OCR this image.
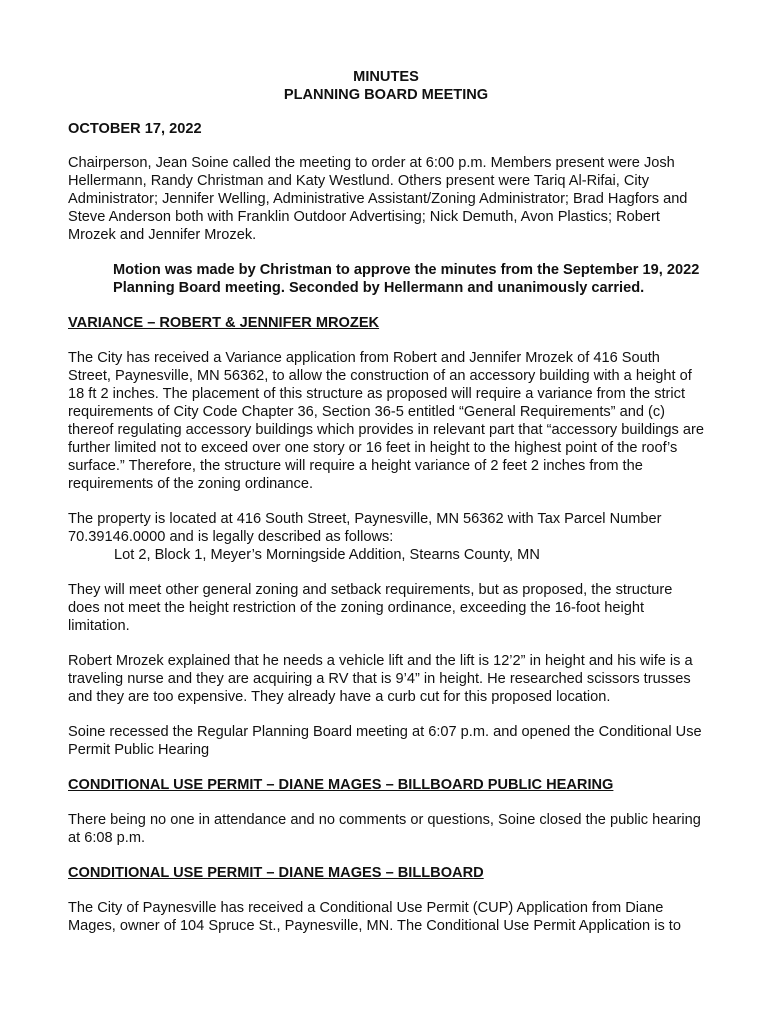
MINUTES
PLANNING BOARD MEETING
OCTOBER 17, 2022

Chairperson, Jean Soine called the meeting to order at 6:00 p.m. Members present were Josh Hellermann, Randy Christman and Katy Westlund. Others present were Tariq Al-Rifai, City Administrator; Jennifer Welling, Administrative Assistant/Zoning Administrator; Brad Hagfors and Steve Anderson both with Franklin Outdoor Advertising; Nick Demuth, Avon Plastics; Robert Mrozek and Jennifer Mrozek.

Motion was made by Christman to approve the minutes from the September 19, 2022 Planning Board meeting. Seconded by Hellermann and unanimously carried.
VARIANCE – ROBERT & JENNIFER MROZEK

The City has received a Variance application from Robert and Jennifer Mrozek of 416 South Street, Paynesville, MN 56362, to allow the construction of an accessory building with a height of 18 ft 2 inches. The placement of this structure as proposed will require a variance from the strict requirements of City Code Chapter 36, Section 36-5 entitled “General Requirements” and (c) thereof regulating accessory buildings which provides in relevant part that “accessory buildings are further limited not to exceed over one story or 16 feet in height to the highest point of the roof’s surface.” Therefore, the structure will require a height variance of 2 feet 2 inches from the requirements of the zoning ordinance.

The property is located at 416 South Street, Paynesville, MN 56362 with Tax Parcel Number 70.39146.0000 and is legally described as follows:
Lot 2, Block 1, Meyer’s Morningside Addition, Stearns County, MN

They will meet other general zoning and setback requirements, but as proposed, the structure does not meet the height restriction of the zoning ordinance, exceeding the 16-foot height limitation.

Robert Mrozek explained that he needs a vehicle lift and the lift is 12’2” in height and his wife is a traveling nurse and they are acquiring a RV that is 9’4” in height. He researched scissors trusses and they are too expensive. They already have a curb cut for this proposed location.

Soine recessed the Regular Planning Board meeting at 6:07 p.m. and opened the Conditional Use Permit Public Hearing

CONDITIONAL USE PERMIT – DIANE MAGES – BILLBOARD PUBLIC HEARING

There being no one in attendance and no comments or questions, Soine closed the public hearing at 6:08 p.m.

CONDITIONAL USE PERMIT – DIANE MAGES – BILLBOARD

The City of Paynesville has received a Conditional Use Permit (CUP) Application from Diane Mages, owner of 104 Spruce St., Paynesville, MN. The Conditional Use Permit Application is to
